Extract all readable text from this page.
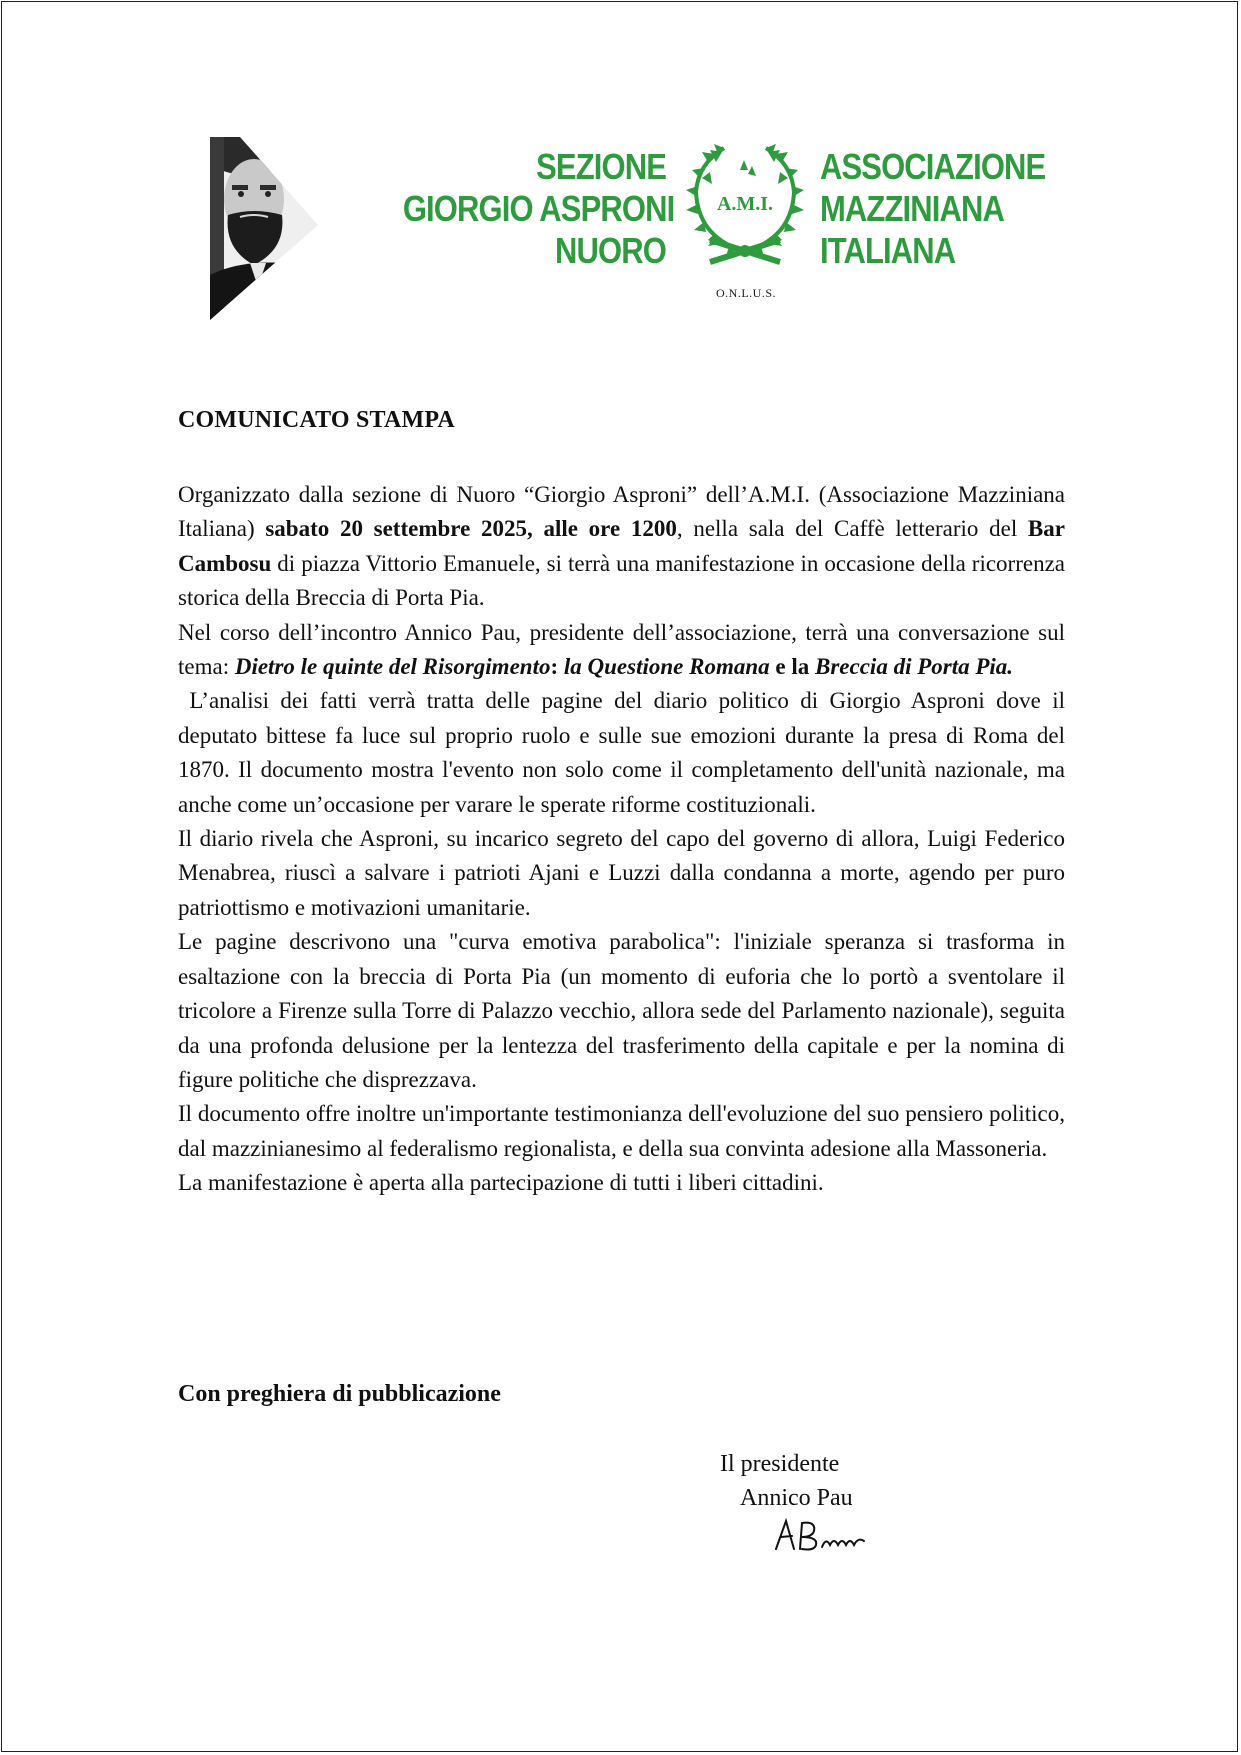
SEZIONE
GIORGIO ASPRONI
NUORO
A.M.I.
O.N.L.U.S.
ASSOCIAZIONE
MAZZINIANA
ITALIANA
COMUNICATO STAMPA

Organizzato dalla sezione di Nuoro “Giorgio Asproni” dell’A.M.I. (Associazione Mazziniana Italiana) sabato 20 settembre 2025, alle ore 1200, nella sala del Caffè letterario del Bar Cambosu di piazza Vittorio Emanuele, si terrà una manifestazione in occasione della ricorrenza storica della Breccia di Porta Pia.

Nel corso dell’incontro Annico Pau, presidente dell’associazione, terrà una conversazione sul tema: Dietro le quinte del Risorgimento: la Questione Romana e la Breccia di Porta Pia.

L’analisi dei fatti verrà tratta delle pagine del diario politico di Giorgio Asproni dove il deputato bittese fa luce sul proprio ruolo e sulle sue emozioni durante la presa di Roma del 1870. Il documento mostra l'evento non solo come il completamento dell'unità nazionale, ma anche come un’occasione per varare le sperate riforme costituzionali.

Il diario rivela che Asproni, su incarico segreto del capo del governo di allora, Luigi Federico Menabrea, riuscì a salvare i patrioti Ajani e Luzzi dalla condanna a morte, agendo per puro patriottismo e motivazioni umanitarie.

Le pagine descrivono una "curva emotiva parabolica": l'iniziale speranza si trasforma in esaltazione con la breccia di Porta Pia (un momento di euforia che lo portò a sventolare il tricolore a Firenze sulla Torre di Palazzo vecchio, allora sede del Parlamento nazionale), seguita da una profonda delusione per la lentezza del trasferimento della capitale e per la nomina di figure politiche che disprezzava.

Il documento offre inoltre un'importante testimonianza dell'evoluzione del suo pensiero politico, dal mazzinianesimo al federalismo regionalista, e della sua convinta adesione alla Massoneria.

La manifestazione è aperta alla partecipazione di tutti i liberi cittadini.

Con preghiera di pubblicazione
Il presidente
Annico Pau
